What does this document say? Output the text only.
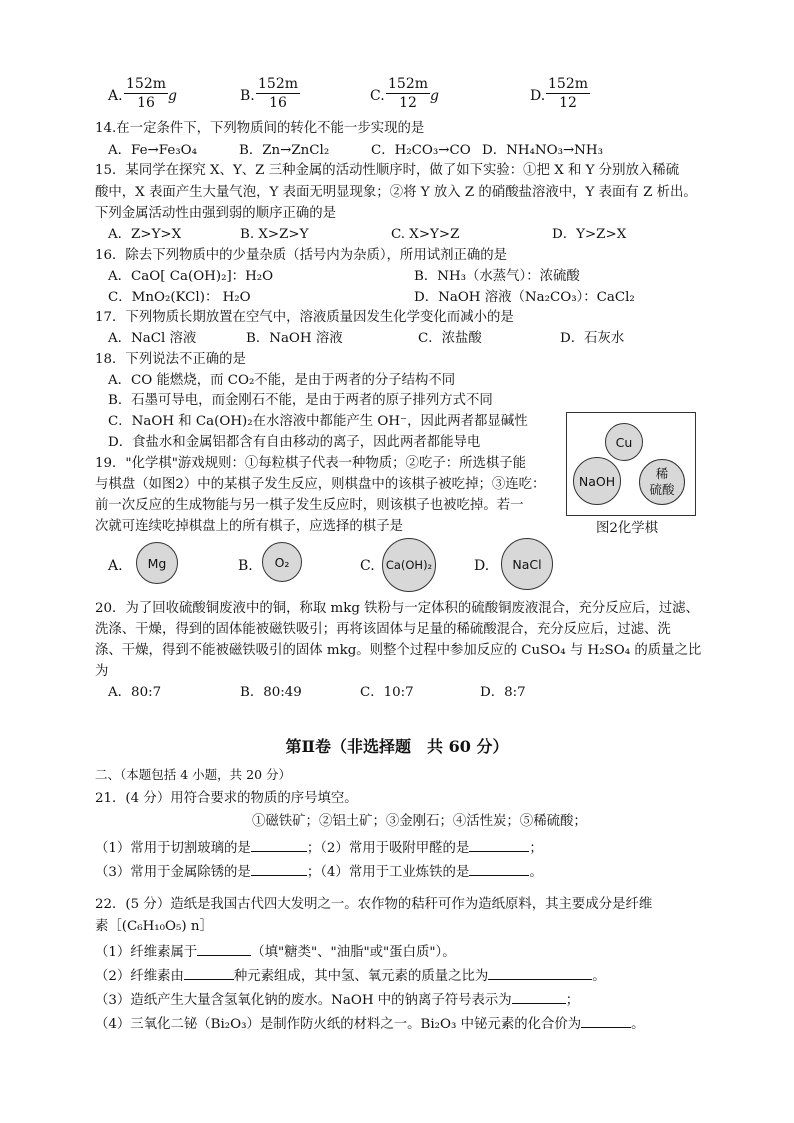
A. $\frac{152m}{16}$ g	B. $\frac{152m}{16}$	C. $\frac{152m}{12}$ g	D. $\frac{152m}{12}$
14.在一定条件下，下列物质间的转化不能一步实现的是
A．Fe→Fe₃O₄	B．Zn→ZnCl₂	C．H₂CO₃→CO D．NH₄NO₃→NH₃
15．某同学在探究 X、Y、Z 三种金属的活动性顺序时，做了如下实验：①把 X 和 Y 分别放入稀硫
酸中，X 表面产生大量气泡，Y 表面无明显现象；②将 Y 放入 Z 的硝酸盐溶液中，Y 表面有 Z 析出。
下列金属活动性由强到弱的顺序正确的是
A．Z>Y>X	B. X>Z>Y	C. X>Y>Z	D．Y>Z>X
16．除去下列物质中的少量杂质（括号内为杂质），所用试剂正确的是
A．CaO[ Ca(OH)₂]：H₂O	B．NH₃（水蒸气）：浓硫酸
C．MnO₂(KCl)： H₂O	D．NaOH 溶液（Na₂CO₃）：CaCl₂
17．下列物质长期放置在空气中，溶液质量因发生化学变化而减小的是
A．NaCl 溶液	B．NaOH 溶液	C．浓盐酸	D．石灰水
18．下列说法不正确的是
A．CO 能燃烧，而 CO₂不能，是由于两者的分子结构不同
B．石墨可导电，而金刚石不能，是由于两者的原子排列方式不同
C．NaOH 和 Ca(OH)₂在水溶液中都能产生 OH⁻，因此两者都显碱性
D．食盐水和金属铝都含有自由移动的离子，因此两者都能导电
19．"化学棋"游戏规则：①每粒棋子代表一种物质；②吃子：所选棋子能
与棋盘（如图2）中的某棋子发生反应，则棋盘中的该棋子被吃掉；③连吃：
前一次反应的生成物能与另一棋子发生反应时，则该棋子也被吃掉。若一
次就可连续吃掉棋盘上的所有棋子，应选择的棋子是
Cu
NaOH	稀
硫酸
图2化学棋
A.	Mg	B.	O₂	C. Ca(OH)₂	D.	NaCl
20．为了回收硫酸铜废液中的铜，称取 mkg 铁粉与一定体积的硫酸铜废液混合，充分反应后，过滤、
洗涤、干燥，得到的固体能被磁铁吸引；再将该固体与足量的稀硫酸混合，充分反应后，过滤、洗
涤、干燥，得到不能被磁铁吸引的固体 mkg。则整个过程中参加反应的 CuSO₄ 与 H₂SO₄ 的质量之比
为
A．80:7	B．80:49	C．10:7	D．8:7
第Ⅱ卷（非选择题　共 60 分）
二、（本题包括 4 小题，共 20 分）
21．(4 分）用符合要求的物质的序号填空。
①磁铁矿；②铝土矿；③金刚石；④活性炭；⑤稀硫酸；
（1）常用于切割玻璃的是	；（2）常用于吸附甲醛的是	；
（3）常用于金属除锈的是	；（4）常用于工业炼铁的是	。
22．(5 分）造纸是我国古代四大发明之一。农作物的秸秆可作为造纸原料，其主要成分是纤维
素［(C₆H₁₀O₅) n］
（1）纤维素属于	（填"糖类"、"油脂"或"蛋白质"）。
（2）纤维素由	种元素组成，其中氢、氧元素的质量之比为	。
（3）造纸产生大量含氢氧化钠的废水。NaOH 中的钠离子符号表示为	；
（4）三氧化二铋（Bi₂O₃）是制作防火纸的材料之一。Bi₂O₃ 中铋元素的化合价为	。
